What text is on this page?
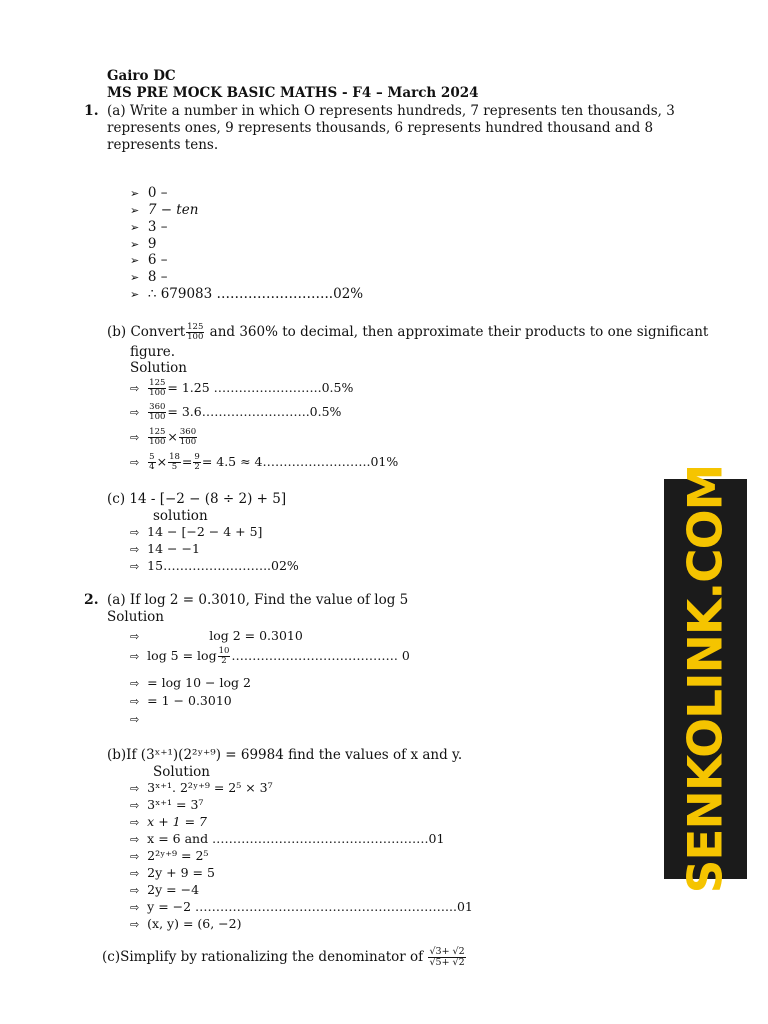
Gairo DC
MS PRE MOCK BASIC MATHS - F4 – March 2024
1. (a) Write a number in which O represents hundreds, 7 represents ten thousands, 3
represents ones, 9 represents thousands, 6 represents hundred thousand and 8
represents tens.
➢ 0 –
➢ 7 − ten
➢ 3 –
➢ 9
➢ 6 –
➢ 8 –
➢ ∴ 679083 ……………………..02%
(b) Convert $\frac{125}{100}$ and 360% to decimal, then approximate their products to one significant
figure.
Solution
⇨ $\frac{125}{100} = 1.25$ ……………………..0.5%
⇨ $\frac{360}{100}$ = 3.6……………………..0.5%
⇨ $\frac{125}{100} \times \frac{360}{100}$
⇨ $\frac{5}{4} \times \frac{18}{5} = \frac{9}{2} = 4.5$ ≈ 4……………………..01%
(c) 14 - [−2 − (8 ÷ 2) + 5]
solution
⇨ 14 − [−2 − 4 + 5]
⇨ 14 − −1
⇨ 15……………………..02%
2. (a) If log 2 = 0.3010, Find the value of log 5
Solution
⇨	log 2 = 0.3010
⇨ $\log 5 = \log \frac{10}{2}$ …………………………………. 0
⇨ = log 10 − log 2
⇨ = 1 − 0.3010
⇨
(b)If (3ˣ⁺¹)(2²ʸ⁺⁹) = 69984 find the values of x and y.
Solution
⇨ 3ˣ⁺¹. 2²ʸ⁺⁹ = 2⁵ × 3⁷
⇨ 3ˣ⁺¹ = 3⁷
⇨ x + 1 = 7
⇨ x = 6 and …………………………………………….01
⇨ 2²ʸ⁺⁹ = 2⁵
⇨ 2y + 9 = 5
⇨ 2y = −4
⇨ y = −2 ……………………………………………………...01
⇨ (x, y) = (6, −2)
(c)Simplify by rationalizing the denominator of $\frac{√3+ √2}{√5+ √2}$
SENKOLINK.COM
